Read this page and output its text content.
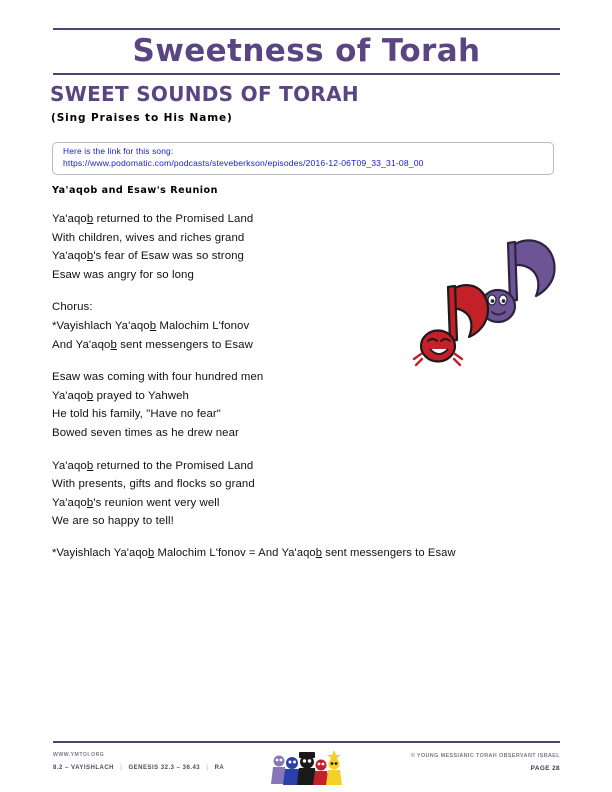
Sweetness of Torah
SWEET SOUNDS OF TORAH
(Sing Praises to His Name)
Here is the link for this song:
https://www.podomatic.com/podcasts/steveberkson/episodes/2016-12-06T09_33_31-08_00
Ya'aqob and Esaw's Reunion
Ya'aqob returned to the Promised Land
With children, wives and riches grand
Ya'aqob's fear of Esaw was so strong
Esaw was angry for so long
Chorus:
*Vayishlach Ya'aqob Malochim L'fonov
And Ya'aqob sent messengers to Esaw
Esaw was coming with four hundred men
Ya'aqob prayed to Yahweh
He told his family, "Have no fear"
Bowed seven times as he drew near
Ya'aqob returned to the Promised Land
With presents, gifts and flocks so grand
Ya'aqob's reunion went very well
We are so happy to tell!
*Vayishlach Ya'aqob Malochim L'fonov = And Ya'aqob sent messengers to Esaw
WWW.YMTOI.ORG
8.2 – VAYISHLACH | GENESIS 32.3 – 36.43 | RA
© YOUNG MESSIANIC TORAH OBSERVANT ISRAEL
PAGE 28
